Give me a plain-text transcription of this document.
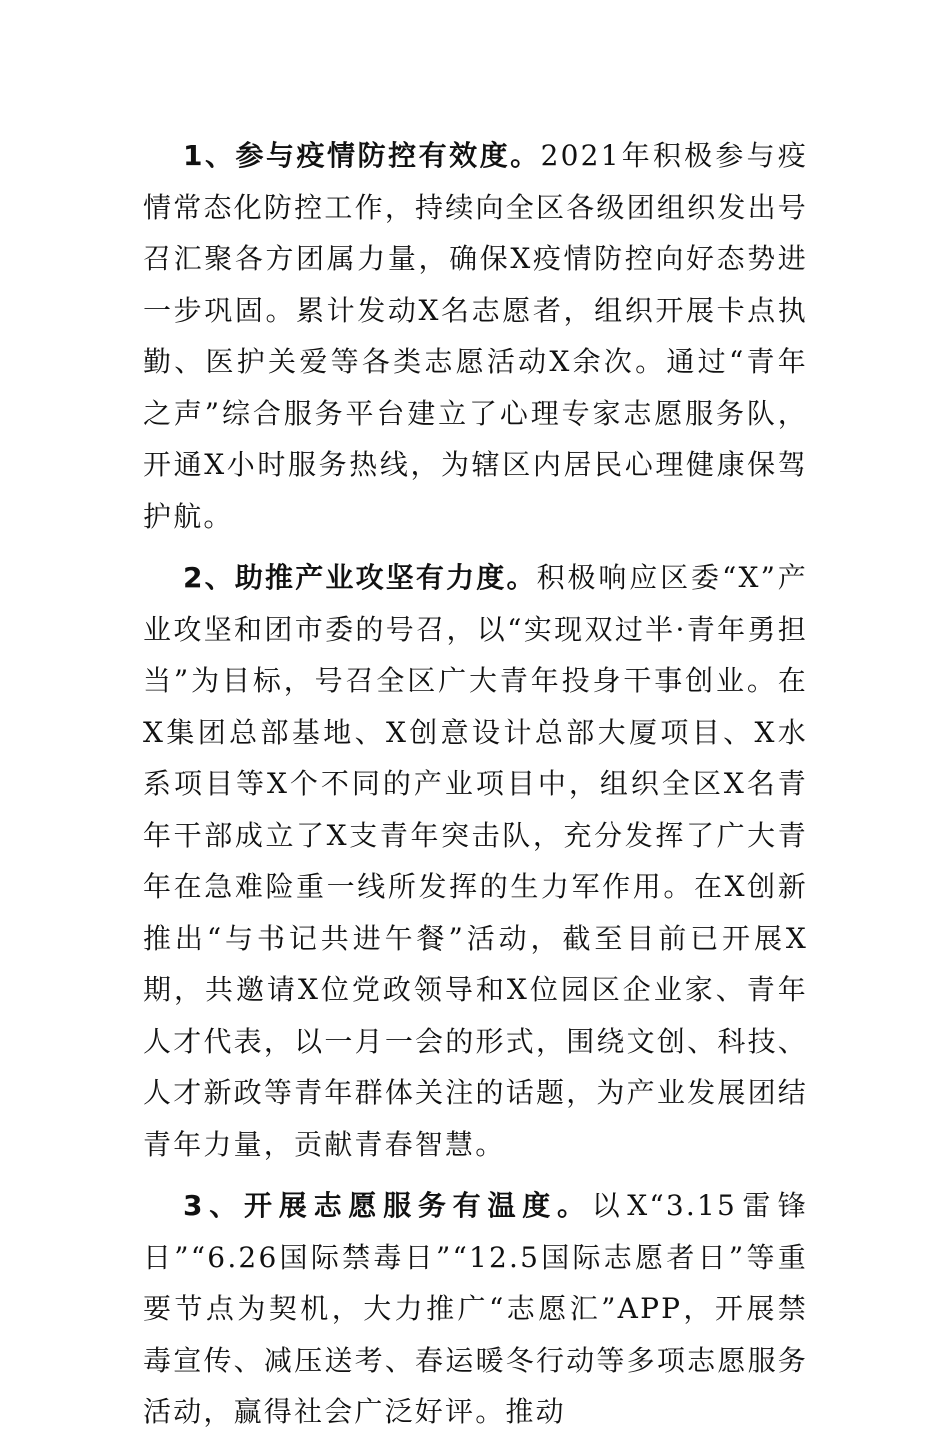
1、参与疫情防控有效度。2021年积极参与疫情常态化防控工作，持续向全区各级团组织发出号召汇聚各方团属力量，确保X疫情防控向好态势进一步巩固。累计发动X名志愿者，组织开展卡点执勤、医护关爱等各类志愿活动X余次。通过“青年之声”综合服务平台建立了心理专家志愿服务队，开通X小时服务热线，为辖区内居民心理健康保驾护航。

2、助推产业攻坚有力度。积极响应区委“X”产业攻坚和团市委的号召，以“实现双过半·青年勇担当”为目标，号召全区广大青年投身干事创业。在X集团总部基地、X创意设计总部大厦项目、X水系项目等X个不同的产业项目中，组织全区X名青年干部成立了X支青年突击队，充分发挥了广大青年在急难险重一线所发挥的生力军作用。在X创新推出“与书记共进午餐”活动，截至目前已开展X期，共邀请X位党政领导和X位园区企业家、青年人才代表，以一月一会的形式，围绕文创、科技、人才新政等青年群体关注的话题，为产业发展团结青年力量，贡献青春智慧。

3、开展志愿服务有温度。以X“3.15雷锋日”“6.26国际禁毒日”“12.5国际志愿者日”等重要节点为契机，大力推广“志愿汇”APP，开展禁毒宣传、减压送考、春运暖冬行动等多项志愿服务活动，赢得社会广泛好评。推动
